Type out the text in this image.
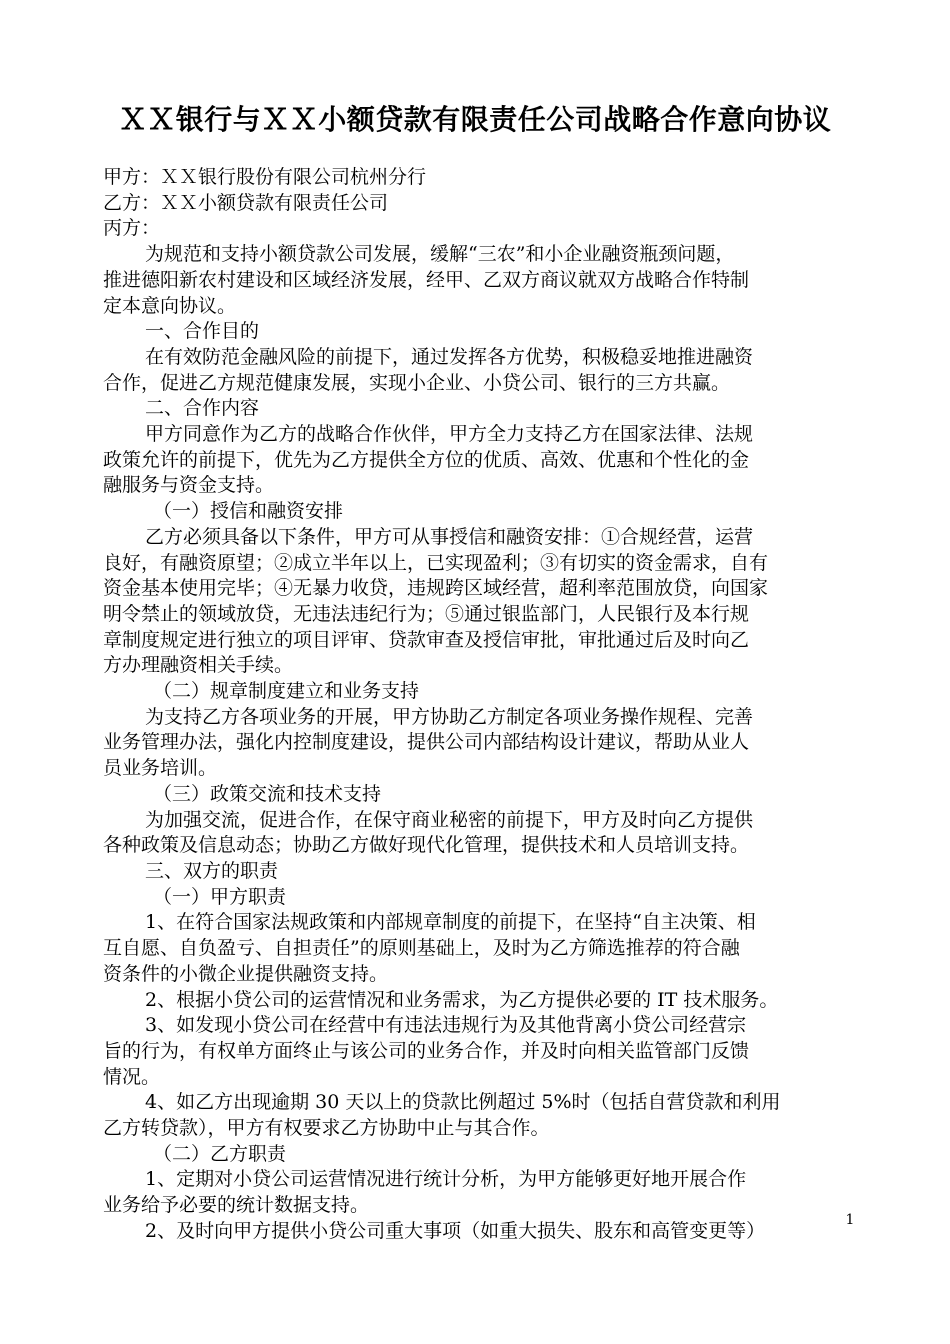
ＸＸ银行与ＸＸ小额贷款有限责任公司战略合作意向协议

甲方：ＸＸ银行股份有限公司杭州分行

乙方：ＸＸ小额贷款有限责任公司

丙方：

为规范和支持小额贷款公司发展，缓解“三农”和小企业融资瓶颈问题，

推进德阳新农村建设和区域经济发展，经甲、乙双方商议就双方战略合作特制

定本意向协议。

一、合作目的

在有效防范金融风险的前提下，通过发挥各方优势，积极稳妥地推进融资

合作，促进乙方规范健康发展，实现小企业、小贷公司、银行的三方共赢。

二、合作内容

甲方同意作为乙方的战略合作伙伴，甲方全力支持乙方在国家法律、法规

政策允许的前提下，优先为乙方提供全方位的优质、高效、优惠和个性化的金

融服务与资金支持。

（一）授信和融资安排

乙方必须具备以下条件，甲方可从事授信和融资安排：①合规经营，运营

良好，有融资原望；②成立半年以上，已实现盈利；③有切实的资金需求，自有

资金基本使用完毕；④无暴力收贷，违规跨区域经营，超利率范围放贷，向国家

明令禁止的领域放贷，无违法违纪行为；⑤通过银监部门，人民银行及本行规

章制度规定进行独立的项目评审、贷款审查及授信审批，审批通过后及时向乙

方办理融资相关手续。

（二）规章制度建立和业务支持

为支持乙方各项业务的开展，甲方协助乙方制定各项业务操作规程、完善

业务管理办法，强化内控制度建设，提供公司内部结构设计建议，帮助从业人

员业务培训。

（三）政策交流和技术支持

为加强交流，促进合作，在保守商业秘密的前提下，甲方及时向乙方提供

各种政策及信息动态；协助乙方做好现代化管理，提供技术和人员培训支持。

三、双方的职责

（一）甲方职责

1、在符合国家法规政策和内部规章制度的前提下，在坚持“自主决策、相

互自愿、自负盈亏、自担责任”的原则基础上，及时为乙方筛选推荐的符合融

资条件的小微企业提供融资支持。

2、根据小贷公司的运营情况和业务需求，为乙方提供必要的 IT 技术服务。

3、如发现小贷公司在经营中有违法违规行为及其他背离小贷公司经营宗

旨的行为，有权单方面终止与该公司的业务合作，并及时向相关监管部门反馈

情况。

4、如乙方出现逾期 30 天以上的贷款比例超过 5%时（包括自营贷款和利用

乙方转贷款），甲方有权要求乙方协助中止与其合作。

（二）乙方职责

1、定期对小贷公司运营情况进行统计分析，为甲方能够更好地开展合作

业务给予必要的统计数据支持。

2、及时向甲方提供小贷公司重大事项（如重大损失、股东和高管变更等）	1
